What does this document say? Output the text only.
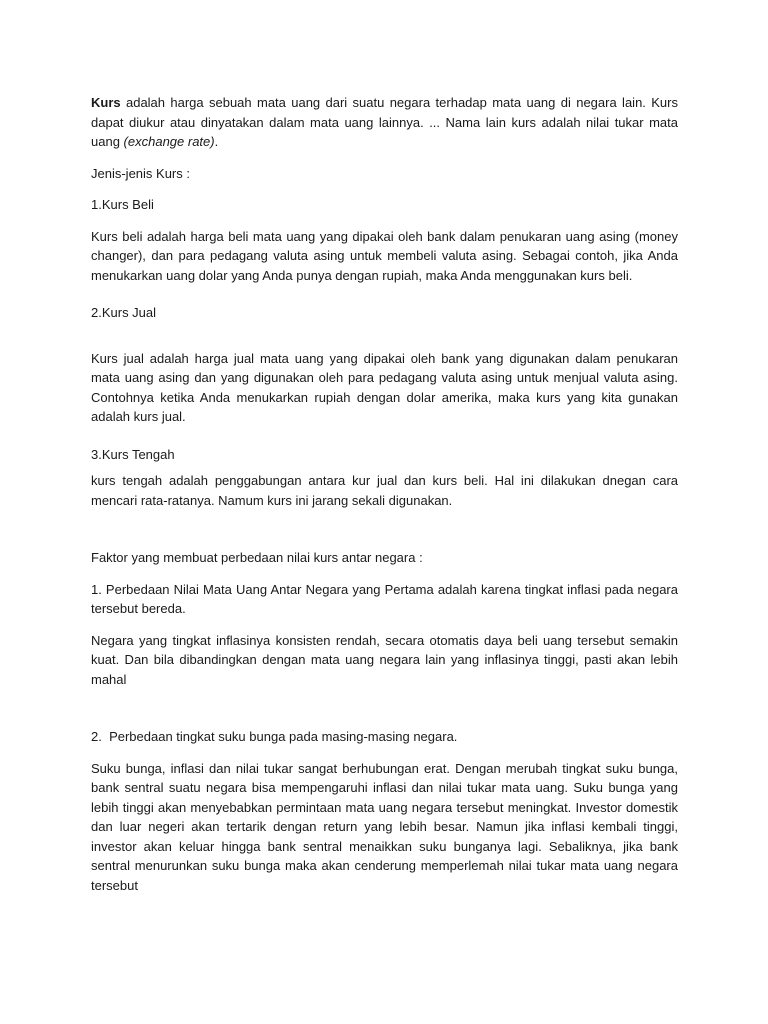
Kurs adalah harga sebuah mata uang dari suatu negara terhadap mata uang di negara lain. Kurs dapat diukur atau dinyatakan dalam mata uang lainnya. ... Nama lain kurs adalah nilai tukar mata uang (exchange rate).

Jenis-jenis Kurs :

1.Kurs Beli

Kurs beli adalah harga beli mata uang yang dipakai oleh bank dalam penukaran uang asing (money changer), dan para pedagang valuta asing untuk membeli valuta asing. Sebagai contoh, jika Anda menukarkan uang dolar yang Anda punya dengan rupiah, maka Anda menggunakan kurs beli.

2.Kurs Jual

Kurs jual adalah harga jual mata uang yang dipakai oleh bank yang digunakan dalam penukaran mata uang asing dan yang digunakan oleh para pedagang valuta asing untuk menjual valuta asing. Contohnya ketika Anda menukarkan rupiah dengan dolar amerika, maka kurs yang kita gunakan adalah kurs jual.

3.Kurs Tengah

kurs tengah adalah penggabungan antara kur jual dan kurs beli. Hal ini dilakukan dnegan cara mencari rata-ratanya. Namum kurs ini jarang sekali digunakan.

Faktor yang membuat perbedaan nilai kurs antar negara :

1. Perbedaan Nilai Mata Uang Antar Negara yang Pertama adalah karena tingkat inflasi pada negara tersebut bereda.

Negara yang tingkat inflasinya konsisten rendah, secara otomatis daya beli uang tersebut semakin kuat. Dan bila dibandingkan dengan mata uang negara lain yang inflasinya tinggi, pasti akan lebih mahal

2.  Perbedaan tingkat suku bunga pada masing-masing negara.

Suku bunga, inflasi dan nilai tukar sangat berhubungan erat. Dengan merubah tingkat suku bunga, bank sentral suatu negara bisa mempengaruhi inflasi dan nilai tukar mata uang. Suku bunga yang lebih tinggi akan menyebabkan permintaan mata uang negara tersebut meningkat. Investor domestik dan luar negeri akan tertarik dengan return yang lebih besar. Namun jika inflasi kembali tinggi, investor akan keluar hingga bank sentral menaikkan suku bunganya lagi. Sebaliknya, jika bank sentral menurunkan suku bunga maka akan cenderung memperlemah nilai tukar mata uang negara tersebut
